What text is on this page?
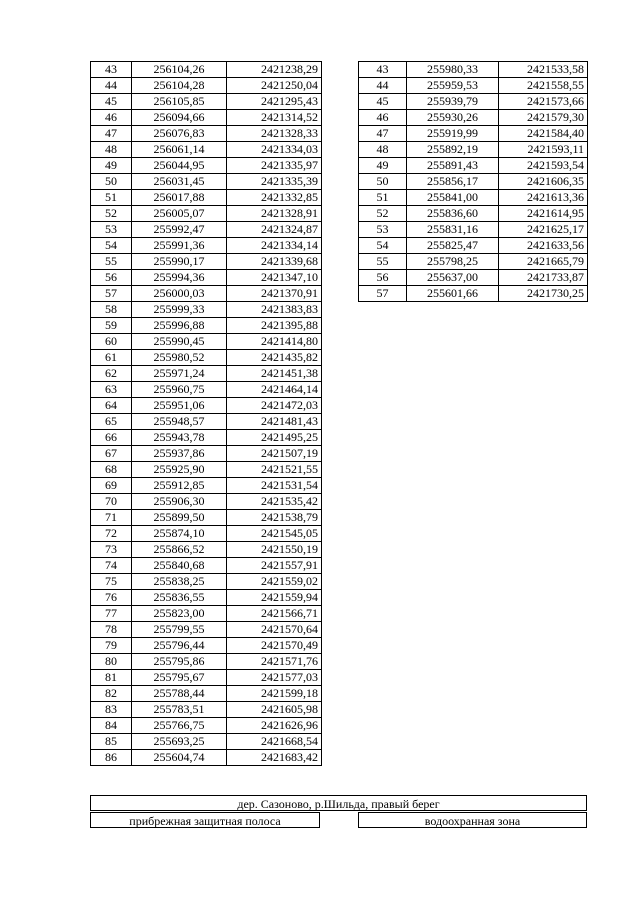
43	256104,26	2421238,29
44	256104,28	2421250,04
45	256105,85	2421295,43
46	256094,66	2421314,52
47	256076,83	2421328,33
48	256061,14	2421334,03
49	256044,95	2421335,97
50	256031,45	2421335,39
51	256017,88	2421332,85
52	256005,07	2421328,91
53	255992,47	2421324,87
54	255991,36	2421334,14
55	255990,17	2421339,68
56	255994,36	2421347,10
57	256000,03	2421370,91
58	255999,33	2421383,83
59	255996,88	2421395,88
60	255990,45	2421414,80
61	255980,52	2421435,82
62	255971,24	2421451,38
63	255960,75	2421464,14
64	255951,06	2421472,03
65	255948,57	2421481,43
66	255943,78	2421495,25
67	255937,86	2421507,19
68	255925,90	2421521,55
69	255912,85	2421531,54
70	255906,30	2421535,42
71	255899,50	2421538,79
72	255874,10	2421545,05
73	255866,52	2421550,19
74	255840,68	2421557,91
75	255838,25	2421559,02
76	255836,55	2421559,94
77	255823,00	2421566,71
78	255799,55	2421570,64
79	255796,44	2421570,49
80	255795,86	2421571,76
81	255795,67	2421577,03
82	255788,44	2421599,18
83	255783,51	2421605,98
84	255766,75	2421626,96
85	255693,25	2421668,54
86	255604,74	2421683,42
43	255980,33	2421533,58
44	255959,53	2421558,55
45	255939,79	2421573,66
46	255930,26	2421579,30
47	255919,99	2421584,40
48	255892,19	2421593,11
49	255891,43	2421593,54
50	255856,17	2421606,35
51	255841,00	2421613,36
52	255836,60	2421614,95
53	255831,16	2421625,17
54	255825,47	2421633,56
55	255798,25	2421665,79
56	255637,00	2421733,87
57	255601,66	2421730,25
дер. Сазоново, р.Шильда, правый берег
прибрежная защитная полоса	водоохранная зона
